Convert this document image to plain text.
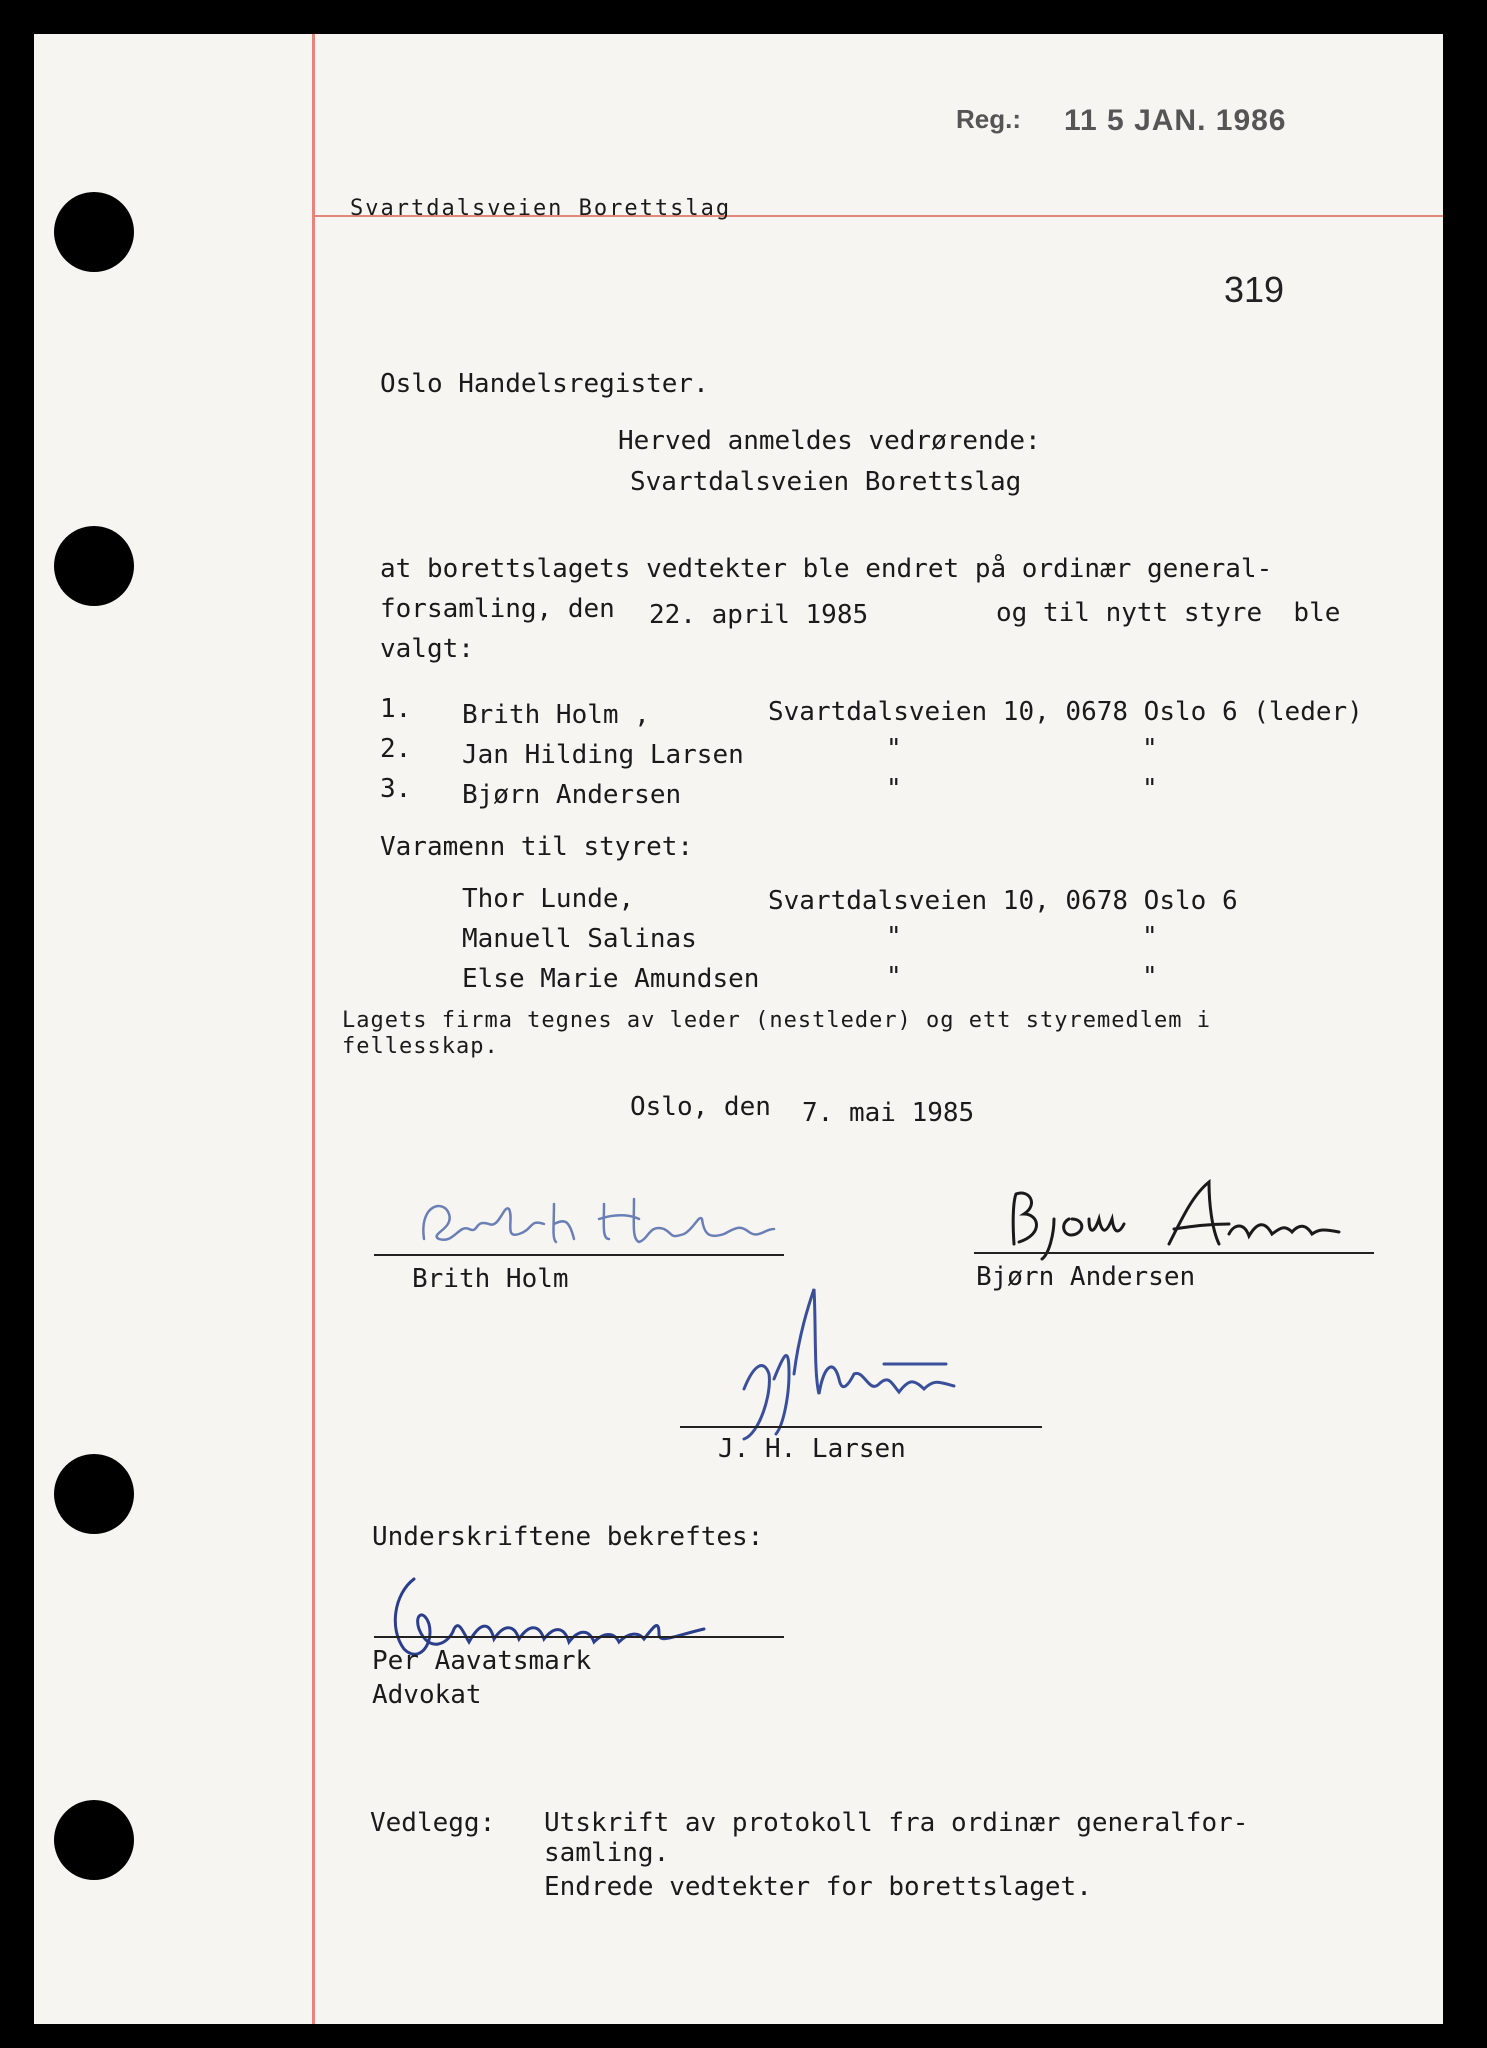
Reg.: 11 5 JAN. 1986
Svartdalsveien Borettslag
319
Oslo Handelsregister.
Herved anmeldes vedrørende:
Svartdalsveien Borettslag
at borettslagets vedtekter ble endret på ordinær general-
forsamling, den 22. april 1985	og til nytt styre  ble
valgt:
1. Brith Holm ,	Svartdalsveien 10, 0678 Oslo 6 (leder)
2. Jan Hilding Larsen	"	"
3. Bjørn Andersen	"	"
Varamenn til styret:
Thor Lunde,	Svartdalsveien 10, 0678 Oslo 6
Manuell Salinas	"	"
Else Marie Amundsen	"	"
Lagets firma tegnes av leder (nestleder) og ett styremedlem i
fellesskap.
Oslo, den 7. mai 1985
Brith Holm	Bjørn Andersen
J. H. Larsen
Underskriftene bekreftes:
Per Aavatsmark
Advokat
Vedlegg: Utskrift av protokoll fra ordinær generalfor-
samling.
Endrede vedtekter for borettslaget.
